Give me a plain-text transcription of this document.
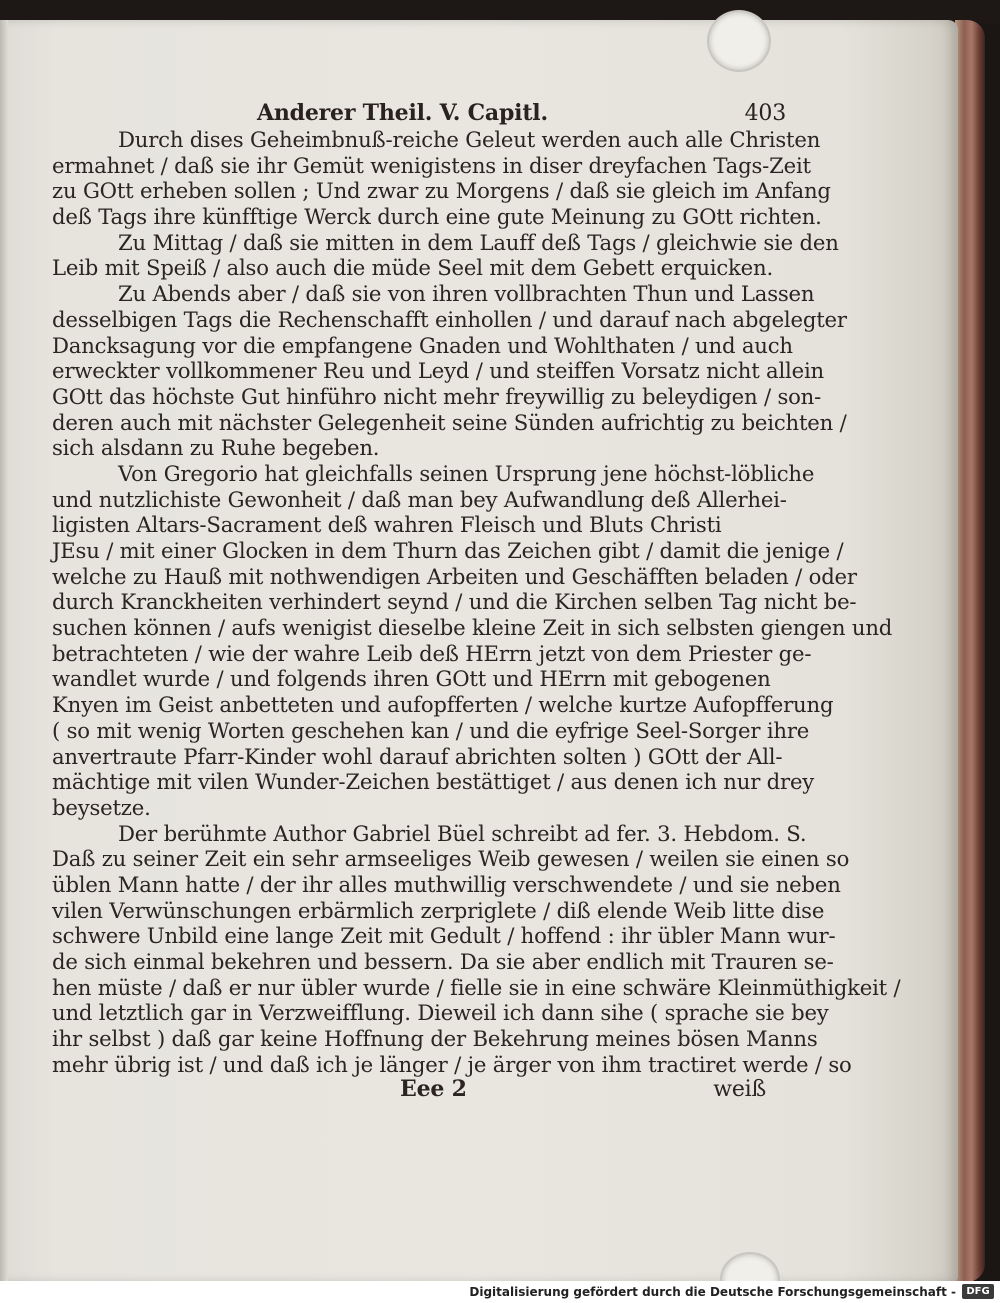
Anderer Theil. V. Capitl.	403
Durch dises Geheimbnuß-reiche Geleut werden auch alle Christen
ermahnet / daß sie ihr Gemüt wenigistens in diser dreyfachen Tags-Zeit
zu GOtt erheben sollen ; Und zwar zu Morgens / daß sie gleich im Anfang
deß Tags ihre künfftige Werck durch eine gute Meinung zu GOtt richten.
Zu Mittag / daß sie mitten in dem Lauff deß Tags / gleichwie sie den
Leib mit Speiß / also auch die müde Seel mit dem Gebett erquicken.
Zu Abends aber / daß sie von ihren vollbrachten Thun und Lassen
desselbigen Tags die Rechenschafft einhollen / und darauf nach abgelegter
Dancksagung vor die empfangene Gnaden und Wohlthaten / und auch
erweckter vollkommener Reu und Leyd / und steiffen Vorsatz nicht allein
GOtt das höchste Gut hinführo nicht mehr freywillig zu beleydigen / son-
deren auch mit nächster Gelegenheit seine Sünden aufrichtig zu beichten /
sich alsdann zu Ruhe begeben.
Von Gregorio hat gleichfalls seinen Ursprung jene höchst-löbliche
und nutzlichiste Gewonheit / daß man bey Aufwandlung deß Allerhei-
ligisten Altars-Sacrament deß wahren Fleisch und Bluts Christi
JEsu / mit einer Glocken in dem Thurn das Zeichen gibt / damit die jenige /
welche zu Hauß mit nothwendigen Arbeiten und Geschäfften beladen / oder
durch Kranckheiten verhindert seynd / und die Kirchen selben Tag nicht be-
suchen können / aufs wenigist dieselbe kleine Zeit in sich selbsten giengen und
betrachteten / wie der wahre Leib deß HErrn jetzt von dem Priester ge-
wandlet wurde / und folgends ihren GOtt und HErrn mit gebogenen
Knyen im Geist anbetteten und aufopfferten / welche kurtze Aufopfferung
( so mit wenig Worten geschehen kan / und die eyfrige Seel-Sorger ihre
anvertraute Pfarr-Kinder wohl darauf abrichten solten ) GOtt der All-
mächtige mit vilen Wunder-Zeichen bestättiget / aus denen ich nur drey
beysetze.
Der berühmte Author Gabriel Büel schreibt ad fer. 3. Hebdom. S.
Daß zu seiner Zeit ein sehr armseeliges Weib gewesen / weilen sie einen so
üblen Mann hatte / der ihr alles muthwillig verschwendete / und sie neben
vilen Verwünschungen erbärmlich zerpriglete / diß elende Weib litte dise
schwere Unbild eine lange Zeit mit Gedult / hoffend : ihr übler Mann wur-
de sich einmal bekehren und bessern. Da sie aber endlich mit Trauren se-
hen müste / daß er nur übler wurde / fielle sie in eine schwäre Kleinmüthigkeit /
und letztlich gar in Verzweifflung. Dieweil ich dann sihe ( sprache sie bey
ihr selbst ) daß gar keine Hoffnung der Bekehrung meines bösen Manns
mehr übrig ist / und daß ich je länger / je ärger von ihm tractiret werde / so
Eee 2	weiß
Digitalisierung gefördert durch die Deutsche Forschungsgemeinschaft -	DFG
